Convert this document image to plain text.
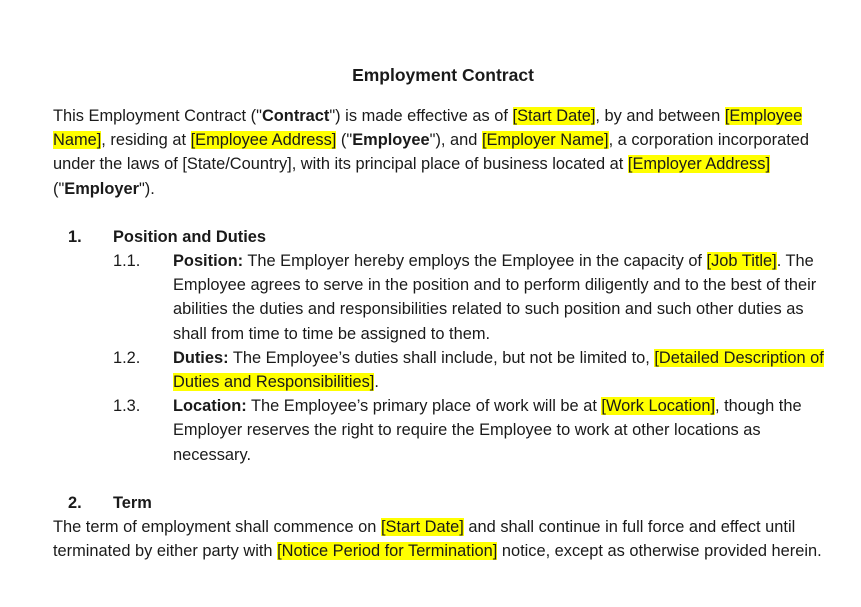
Employment Contract

This Employment Contract ("Contract") is made effective as of [Start Date], by and between [Employee Name], residing at [Employee Address] ("Employee"), and [Employer Name], a corporation incorporated under the laws of [State/Country], with its principal place of business located at [Employer Address] ("Employer").

1. Position and Duties
1.1. Position: The Employer hereby employs the Employee in the capacity of [Job Title]. The Employee agrees to serve in the position and to perform diligently and to the best of their abilities the duties and responsibilities related to such position and such other duties as shall from time to time be assigned to them.
1.2. Duties: The Employee’s duties shall include, but not be limited to, [Detailed Description of Duties and Responsibilities].
1.3. Location: The Employee’s primary place of work will be at [Work Location], though the Employer reserves the right to require the Employee to work at other locations as necessary.
2. Term

The term of employment shall commence on [Start Date] and shall continue in full force and effect until terminated by either party with [Notice Period for Termination] notice, except as otherwise provided herein.
